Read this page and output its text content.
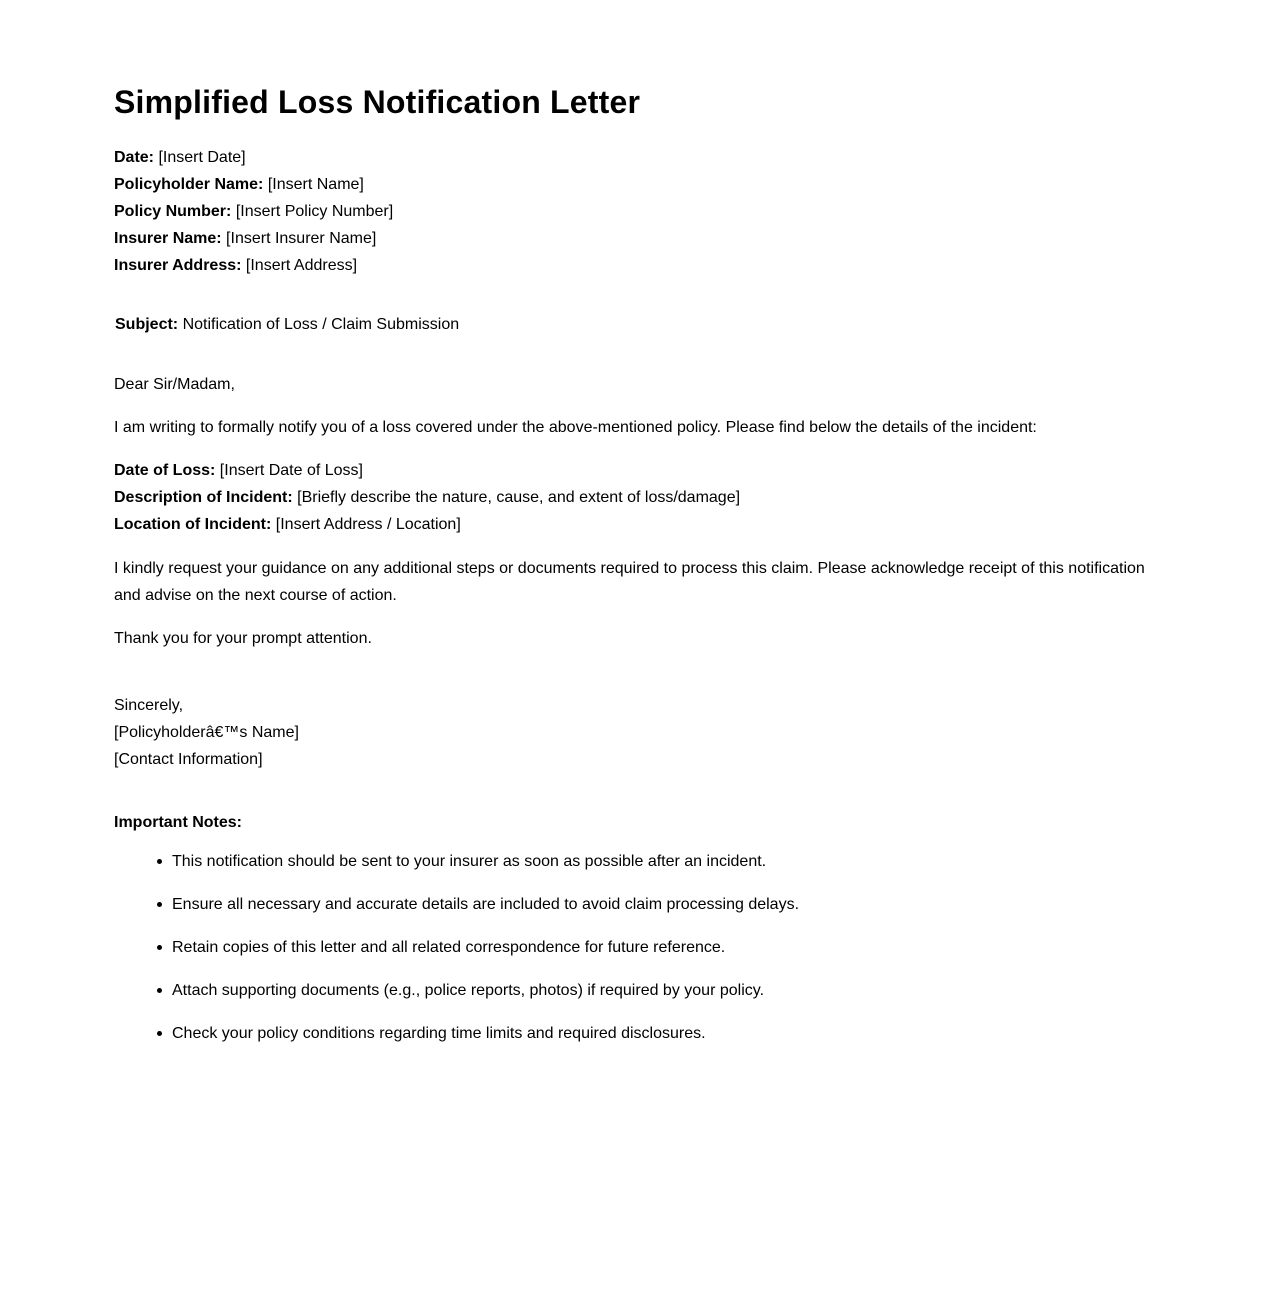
Simplified Loss Notification Letter
Date: [Insert Date]
Policyholder Name: [Insert Name]
Policy Number: [Insert Policy Number]
Insurer Name: [Insert Insurer Name]
Insurer Address: [Insert Address]
Subject: Notification of Loss / Claim Submission
Dear Sir/Madam,
I am writing to formally notify you of a loss covered under the above-mentioned policy. Please find below the details of the incident:
Date of Loss: [Insert Date of Loss]
Description of Incident: [Briefly describe the nature, cause, and extent of loss/damage]
Location of Incident: [Insert Address / Location]
I kindly request your guidance on any additional steps or documents required to process this claim. Please acknowledge receipt of this notification and advise on the next course of action.
Thank you for your prompt attention.
Sincerely,
[Policyholderâ€™s Name]
[Contact Information]
Important Notes:
This notification should be sent to your insurer as soon as possible after an incident.
Ensure all necessary and accurate details are included to avoid claim processing delays.
Retain copies of this letter and all related correspondence for future reference.
Attach supporting documents (e.g., police reports, photos) if required by your policy.
Check your policy conditions regarding time limits and required disclosures.
